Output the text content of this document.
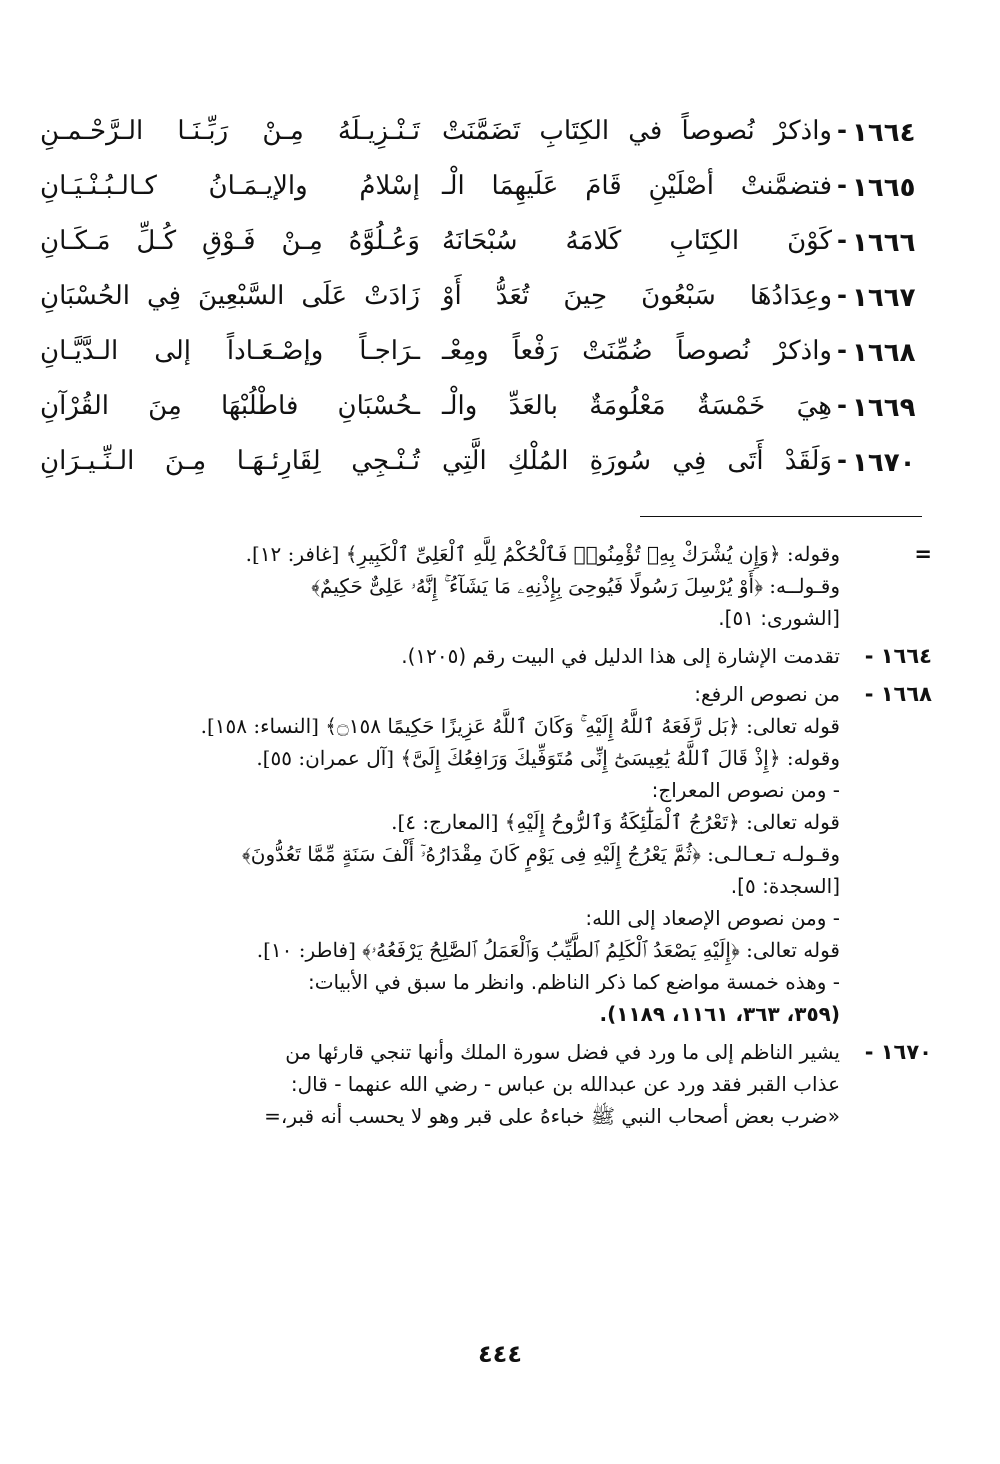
١٦٦٤
-
واذكرْ نُصوصاً في الكِتَابِ تَضَمَّنَتْ
تَـنْـزِيـلَهُ مِـنْ رَبِّـنَـا الـرَّحْـمـنِ
١٦٦٥
-
فتضمَّنتْ أصْلَيْنِ قَامَ عَلَيهِمَا الْـ
إسْلامُ والإيـمَـانُ كـالـبُـنْـيَـانِ
١٦٦٦
-
كَوْنَ الكِتَابِ كَلامَهُ سُبْحَانَهُ
وَعُـلُوَّهُ مِـنْ فَـوْقِ كُـلِّ مَـكَـانِ
١٦٦٧
-
وعِدَادُهَا سَبْعُونَ حِينَ تُعَدُّ أَوْ
زَادَتْ عَلَى السَّبْعِينَ فِي الحُسْبَانِ
١٦٦٨
-
واذكرْ نُصوصاً ضُمِّنَتْ رَفْعاً ومِعْـ
ـرَاجـاً وإصْـعَـاداً إلى الـدَّيَّـانِ
١٦٦٩
-
هِيَ خَمْسَةٌ مَعْلُومَةٌ بالعَدِّ والْـ
ـحُسْبَانِ فاطْلُبْهَا مِنَ القُرْآنِ
١٦٧٠
-
وَلَقَدْ أَتَى فِي سُورَةِ المُلْكِ الَّتِي
تُـنْـجِي لِقَارِئـهَـا مِـنَ الـنِّـيـرَانِ
=
وقوله: ﴿وَإِن يُشْرَكْ بِهِۦ تُؤْمِنُوا۟ فَٱلْحُكْمُ لِلَّهِ ٱلْعَلِىِّ ٱلْكَبِيرِ﴾ [غافر: ١٢].
وقـولــه: ﴿أَوْ يُرْسِلَ رَسُولًا فَيُوحِىَ بِإِذْنِهِۦ مَا يَشَآءُ ۚ إِنَّهُۥ عَلِىٌّ حَكِيمٌ﴾
[الشورى: ٥١].
١٦٦٤ -
تقدمت الإشارة إلى هذا الدليل في البيت رقم (١٢٠٥).
١٦٦٨ -
من نصوص الرفع:
قوله تعالى: ﴿بَل رَّفَعَهُ ٱللَّهُ إِلَيْهِ ۚ وَكَانَ ٱللَّهُ عَزِيزًا حَكِيمًا ۝١٥٨﴾ [النساء: ١٥٨].
وقوله: ﴿إِذْ قَالَ ٱللَّهُ يَٰعِيسَىٰٓ إِنِّى مُتَوَفِّيكَ وَرَافِعُكَ إِلَىَّ﴾ [آل عمران: ٥٥].
- ومن نصوص المعراج:
قوله تعالى: ﴿تَعْرُجُ ٱلْمَلَٰٓئِكَةُ وَٱلرُّوحُ إِلَيْهِ﴾ [المعارج: ٤].
وقـولـه تـعـالـى: ﴿ثُمَّ يَعْرُجُ إِلَيْهِ فِى يَوْمٍ كَانَ مِقْدَارُهُۥٓ أَلْفَ سَنَةٍ مِّمَّا تَعُدُّونَ﴾
[السجدة: ٥].
- ومن نصوص الإصعاد إلى الله:
قوله تعالى: ﴿إِلَيْهِ يَصْعَدُ ٱلْكَلِمُ ٱلطَّيِّبُ وَٱلْعَمَلُ ٱلصَّٰلِحُ يَرْفَعُهُۥ﴾ [فاطر: ١٠].
- وهذه خمسة مواضع كما ذكر الناظم. وانظر ما سبق في الأبيات:
(٣٥٩، ٣٦٣، ١١٦١، ١١٨٩).
١٦٧٠ -
يشير الناظم إلى ما ورد في فضل سورة الملك وأنها تنجي قارئها من
عذاب القبر فقد ورد عن عبدالله بن عباس - رضي الله عنهما - قال:
«ضرب بعض أصحاب النبي ﷺ خباءهُ على قبر وهو لا يحسب أنه قبر،=
٤٤٤
